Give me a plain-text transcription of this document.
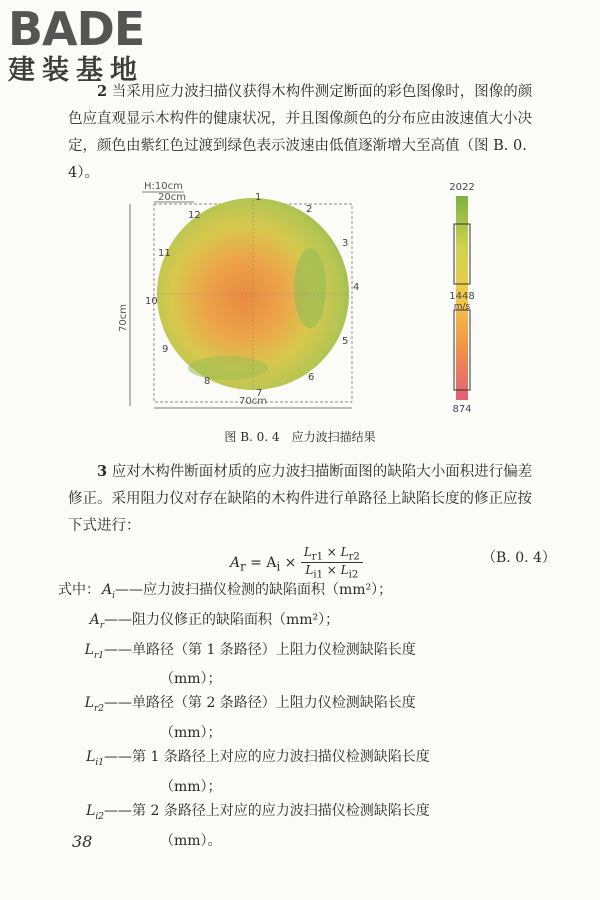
BADE
建装基地
2 当采用应力波扫描仪获得木构件测定断面的彩色图像时，图像的颜色应直观显示木构件的健康状况，并且图像颜色的分布应由波速值大小决定，颜色由紫红色过渡到绿色表示波速由低值逐渐增大至高值（图 B. 0. 4）。
H:10cm
20cm
70cm
70cm
1
2
3
4
5
6
7
8
9
10
11
12
2022
1448
m/s
874
图 B. 0. 4　应力波扫描结果
3 应对木构件断面材质的应力波扫描断面图的缺陷大小面积进行偏差修正。采用阻力仪对存在缺陷的木构件进行单路径上缺陷长度的修正应按下式进行：
$A_r = A_i \times \frac{L_{r1} \times L_{r2}}{L_{i1} \times L_{i2}}$	（B. 0. 4）
式中： $A_i$ ——应力波扫描仪检测的缺陷面积（mm²）；
$A_r$ ——阻力仪修正的缺陷面积（mm²）；
$L_{r1}$ ——单路径（第 1 条路径）上阻力仪检测缺陷长度
（mm）；
$L_{r2}$ ——单路径（第 2 条路径）上阻力仪检测缺陷长度
（mm）；
$L_{i1}$ ——第 1 条路径上对应的应力波扫描仪检测缺陷长度
（mm）；
$L_{i2}$ ——第 2 条路径上对应的应力波扫描仪检测缺陷长度
（mm）。
38
